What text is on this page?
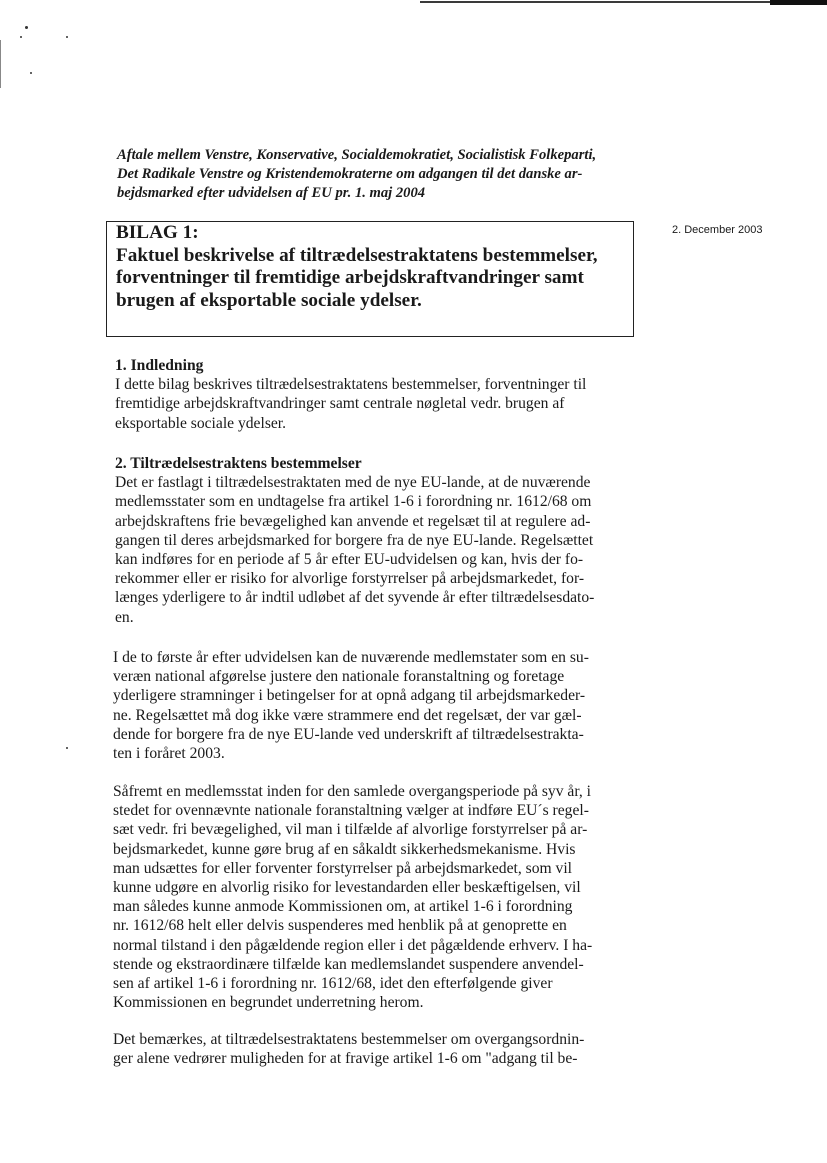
Aftale mellem Venstre, Konservative, Socialdemokratiet, Socialistisk Folkeparti,
Det Radikale Venstre og Kristendemokraterne om adgangen til det danske ar-
bejdsmarked efter udvidelsen af EU pr. 1. maj 2004
2. December 2003
BILAG 1:
Faktuel beskrivelse af tiltrædelsestraktatens bestemmelser,
forventninger til fremtidige arbejdskraftvandringer samt
brugen af eksportable sociale ydelser.
1. Indledning
I dette bilag beskrives tiltrædelsestraktatens bestemmelser, forventninger til
fremtidige arbejdskraftvandringer samt centrale nøgletal vedr. brugen af
eksportable sociale ydelser.
2. Tiltrædelsestraktens bestemmelser
Det er fastlagt i tiltrædelsestraktaten med de nye EU-lande, at de nuværende
medlemsstater som en undtagelse fra artikel 1-6 i forordning nr. 1612/68 om
arbejdskraftens frie bevægelighed kan anvende et regelsæt til at regulere ad-
gangen til deres arbejdsmarked for borgere fra de nye EU-lande. Regelsættet
kan indføres for en periode af 5 år efter EU-udvidelsen og kan, hvis der fo-
rekommer eller er risiko for alvorlige forstyrrelser på arbejdsmarkedet, for-
længes yderligere to år indtil udløbet af det syvende år efter tiltrædelsesdato-
en.
I de to første år efter udvidelsen kan de nuværende medlemstater som en su-
veræn national afgørelse justere den nationale foranstaltning og foretage
yderligere stramninger i betingelser for at opnå adgang til arbejdsmarkeder-
ne. Regelsættet må dog ikke være strammere end det regelsæt, der var gæl-
dende for borgere fra de nye EU-lande ved underskrift af tiltrædelsestrakta-
ten i foråret 2003.
Såfremt en medlemsstat inden for den samlede overgangsperiode på syv år, i
stedet for ovennævnte nationale foranstaltning vælger at indføre EU´s regel-
sæt vedr. fri bevægelighed, vil man i tilfælde af alvorlige forstyrrelser på ar-
bejdsmarkedet, kunne gøre brug af en såkaldt sikkerhedsmekanisme. Hvis
man udsættes for eller forventer forstyrrelser på arbejdsmarkedet, som vil
kunne udgøre en alvorlig risiko for levestandarden eller beskæftigelsen, vil
man således kunne anmode Kommissionen om, at artikel 1-6 i forordning
nr. 1612/68 helt eller delvis suspenderes med henblik på at genoprette en
normal tilstand i den pågældende region eller i det pågældende erhverv. I ha-
stende og ekstraordinære tilfælde kan medlemslandet suspendere anvendel-
sen af artikel 1-6 i forordning nr. 1612/68, idet den efterfølgende giver
Kommissionen en begrundet underretning herom.
Det bemærkes, at tiltrædelsestraktatens bestemmelser om overgangsordnin-
ger alene vedrører muligheden for at fravige artikel 1-6 om "adgang til be-
